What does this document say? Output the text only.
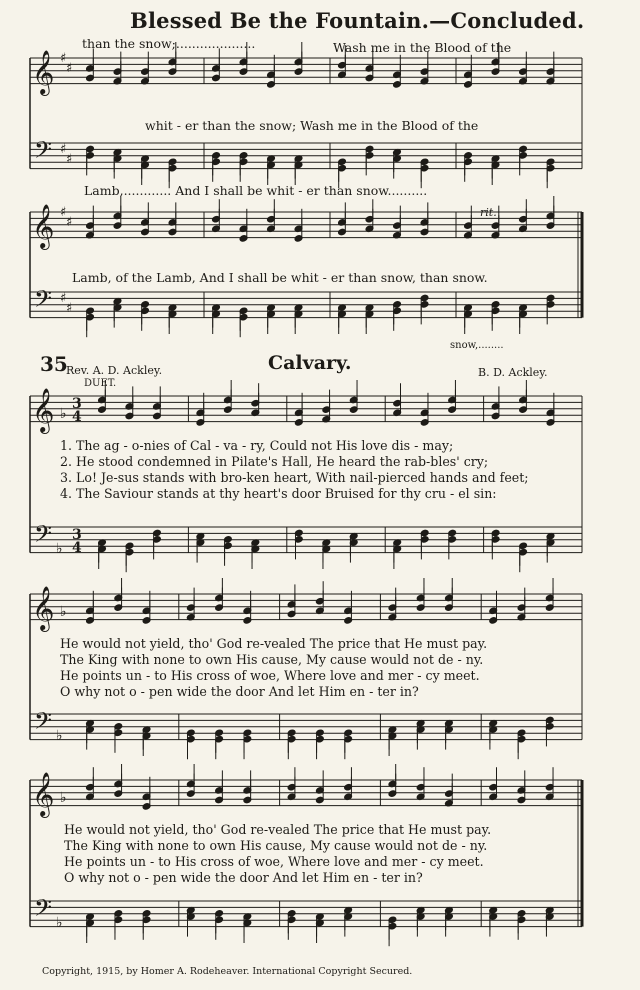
𝄞
𝄢
♯
♯
♯
♯
𝄞
𝄢
♯
♯
♯
♯
𝄞
𝄢
♭
♭
3
4
3
4
𝄞
𝄢
♭
♭
𝄞
𝄢
♭
♭
Blessed Be the Fountain.—Concluded.
than the snow;....................	Wash me in the Blood of the
whit - er than the snow; Wash me in the Blood of the
Lamb,............ And I shall be whit - er than snow..........
rit.
Lamb, of the Lamb, And I shall be whit - er than snow, than snow.
snow,........
35
Rev. A. D. Ackley.	Calvary.	B. D. Ackley.
DUET.
1. The ag - o-nies of Cal - va - ry, Could not His love dis - may;
2. He stood condemned in Pilate's Hall, He heard the rab-bles' cry;
3. Lo! Je-sus stands with bro-ken heart, With nail-pierced hands and feet;
4. The Saviour stands at thy heart's door Bruised for thy cru - el sin:
He would not yield, tho' God re-vealed The price that He must pay.
The King with none to own His cause, My cause would not de - ny.
He points un - to His cross of woe, Where love and mer - cy meet.
O why not o - pen wide the door And let Him en - ter in?
He would not yield, tho' God re-vealed The price that He must pay.
The King with none to own His cause, My cause would not de - ny.
He points un - to His cross of woe, Where love and mer - cy meet.
O why not o - pen wide the door And let Him en - ter in?
Copyright, 1915, by Homer A. Rodeheaver. International Copyright Secured.
